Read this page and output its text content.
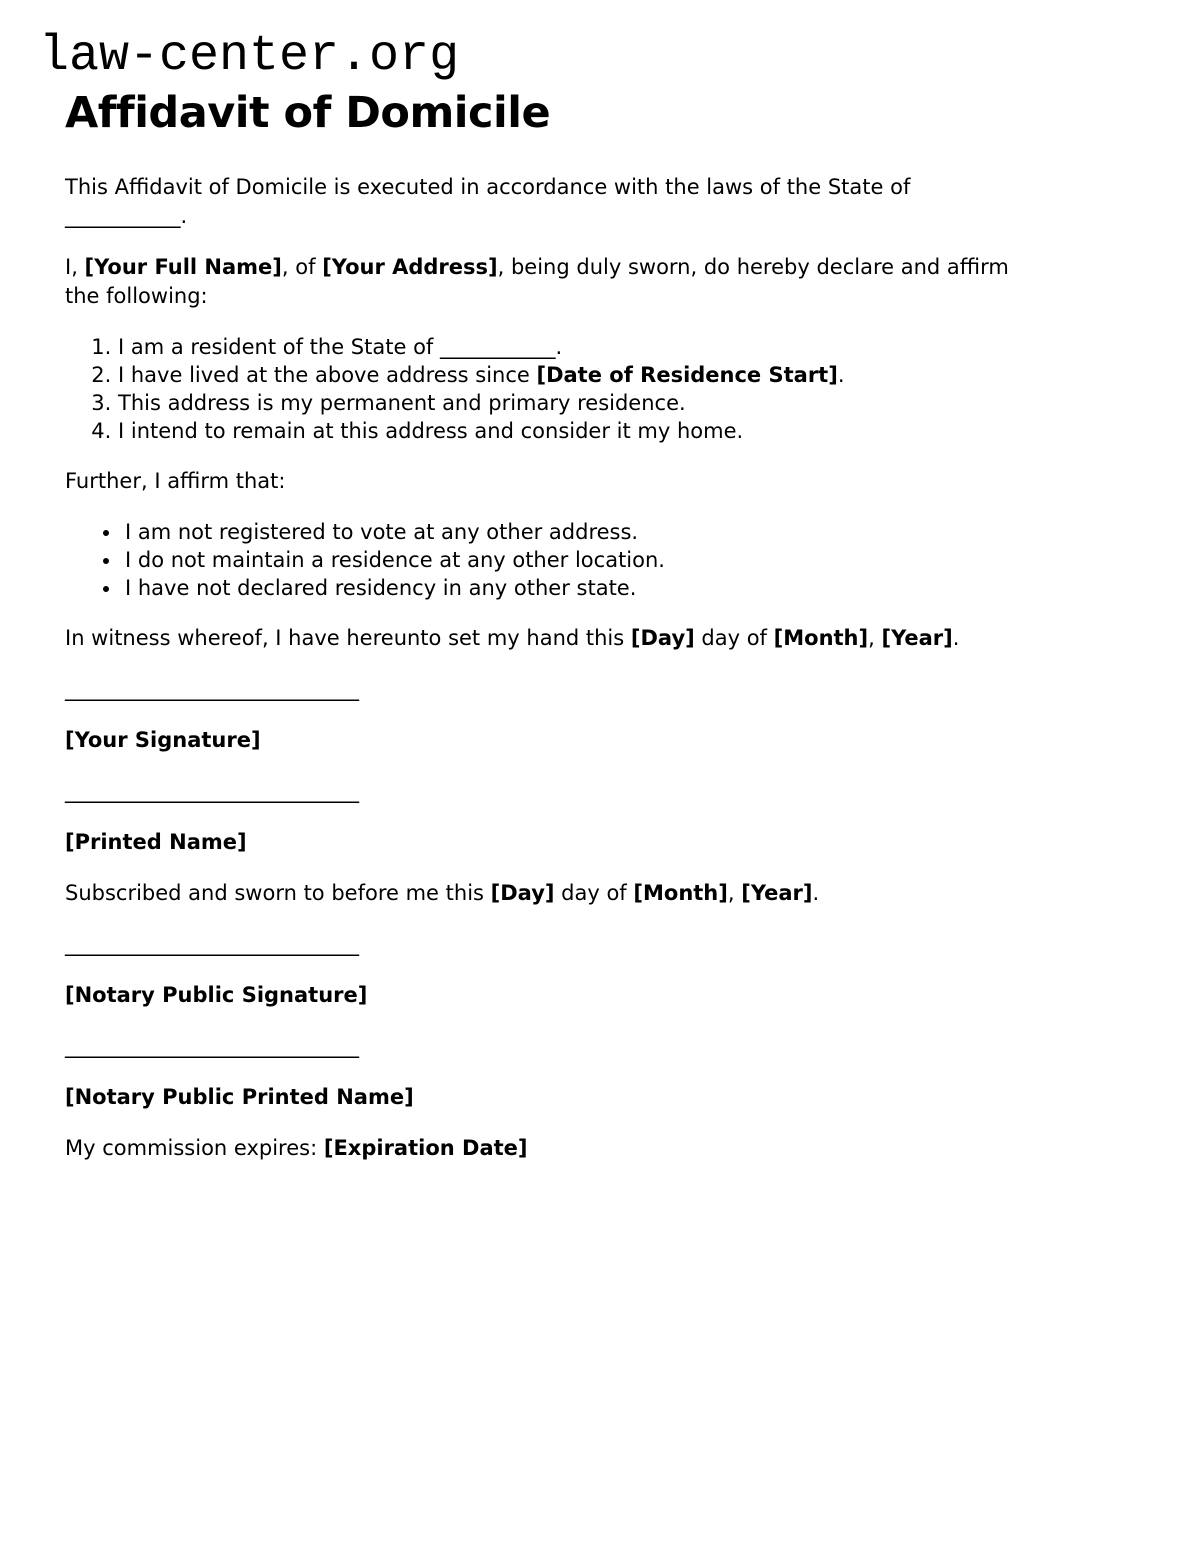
law-center.org
Affidavit of Domicile

This Affidavit of Domicile is executed in accordance with the laws of the State of
___________.

I, [Your Full Name], of [Your Address], being duly sworn, do hereby declare and affirm
the following:

1. I am a resident of the State of ___________.
2. I have lived at the above address since [Date of Residence Start].
3. This address is my permanent and primary residence.
4. I intend to remain at this address and consider it my home.

Further, I affirm that:

• I am not registered to vote at any other address.
• I do not maintain a residence at any other location.
• I have not declared residency in any other state.

In witness whereof, I have hereunto set my hand this [Day] day of [Month], [Year].

____________________________

[Your Signature]

____________________________

[Printed Name]

Subscribed and sworn to before me this [Day] day of [Month], [Year].

____________________________

[Notary Public Signature]

____________________________

[Notary Public Printed Name]

My commission expires: [Expiration Date]
